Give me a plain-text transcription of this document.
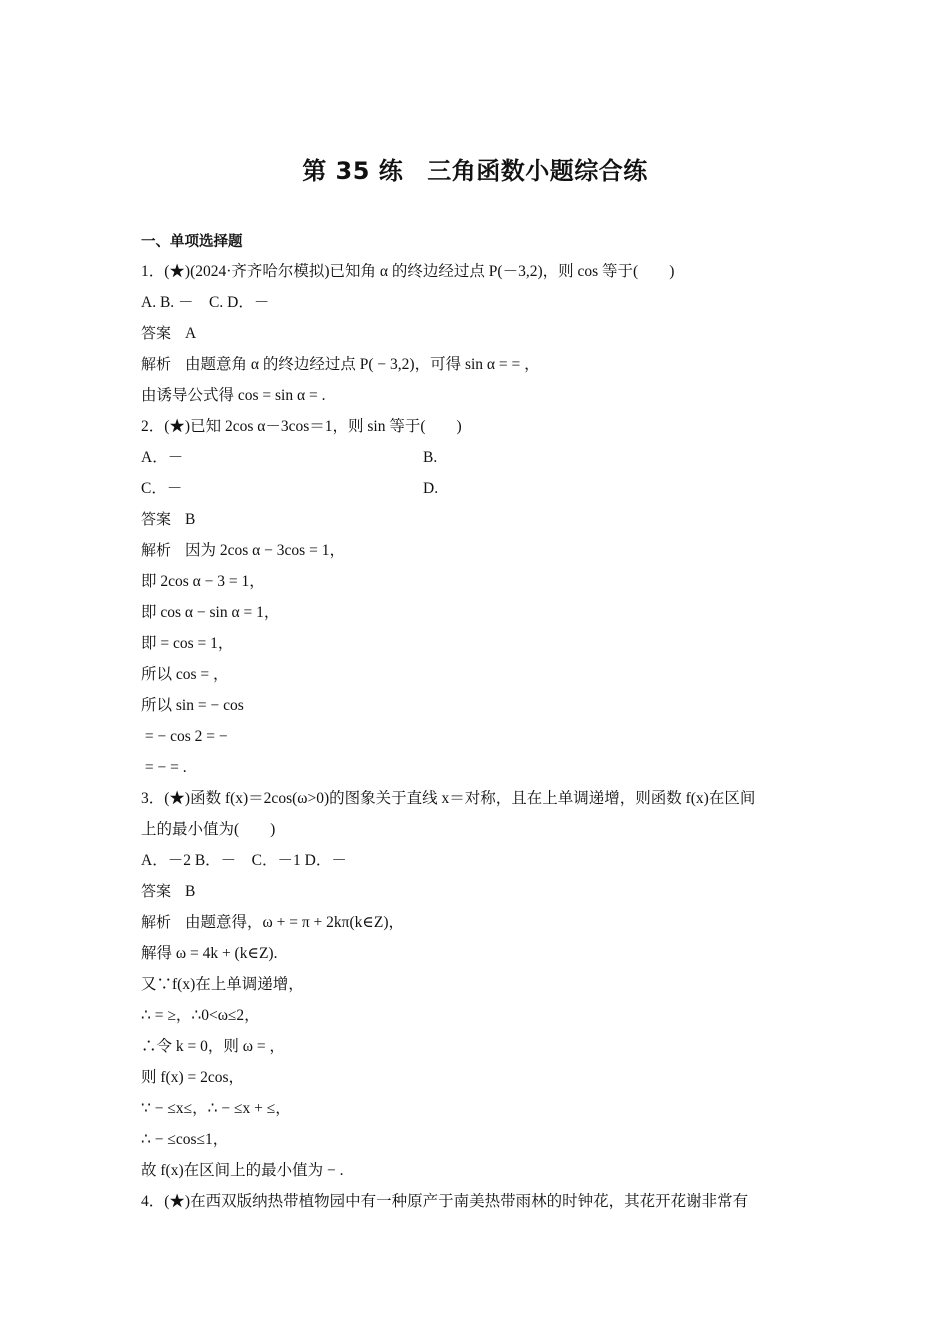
第 35 练 三角函数小题综合练
一、单项选择题
1．(★)(2024·齐齐哈尔模拟)已知角 α 的终边经过点 P(－3,2)，则 cos 等于(　　)
A. B. －　C. D．－
答案 A
解析 由题意角 α 的终边经过点 P( − 3,2)，可得 sin α = = ，
由诱导公式得 cos = sin α = .
2．(★)已知 2cos α－3cos＝1，则 sin 等于(　　)
A．－	B.
C．－	D.
答案 B
解析 因为 2cos α − 3cos = 1，
即 2cos α − 3 = 1，
即 cos α − sin α = 1，
即 = cos = 1，
所以 cos = ，
所以 sin = − cos
= − cos 2 = −
= − = .
3．(★)函数 f(x)＝2cos(ω>0)的图象关于直线 x＝对称，且在上单调递增，则函数 f(x)在区间
上的最小值为(　　)
A．－2 B．－　C．－1 D．－
答案 B
解析 由题意得，ω + = π + 2kπ(k∈Z)，
解得 ω = 4k + (k∈Z).
又∵f(x)在上单调递增，
∴ = ≥，∴0<ω≤2，
∴令 k = 0，则 ω = ，
则 f(x) = 2cos，
∵ − ≤x≤，∴ − ≤x + ≤，
∴ − ≤cos≤1，
故 f(x)在区间上的最小值为 − .
4．(★)在西双版纳热带植物园中有一种原产于南美热带雨林的时钟花，其花开花谢非常有
